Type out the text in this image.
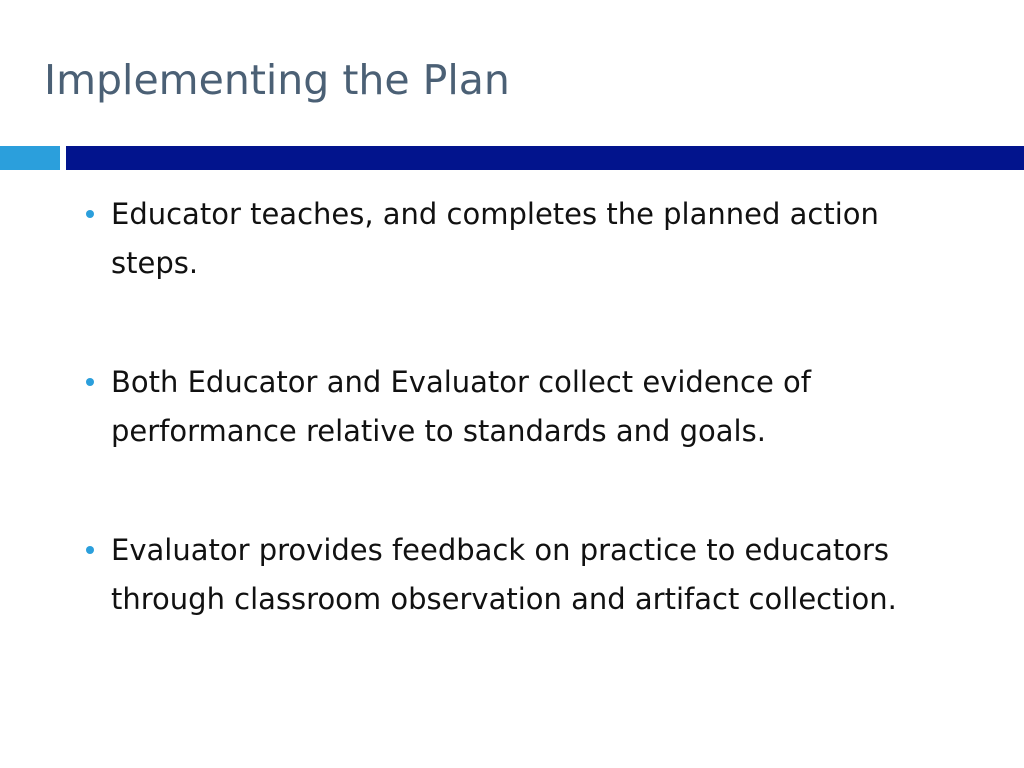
Implementing the Plan
Educator teaches, and completes the planned action steps.
Both Educator and Evaluator collect evidence of performance relative to standards and goals.
Evaluator provides feedback on practice to educators through classroom observation and artifact collection.
